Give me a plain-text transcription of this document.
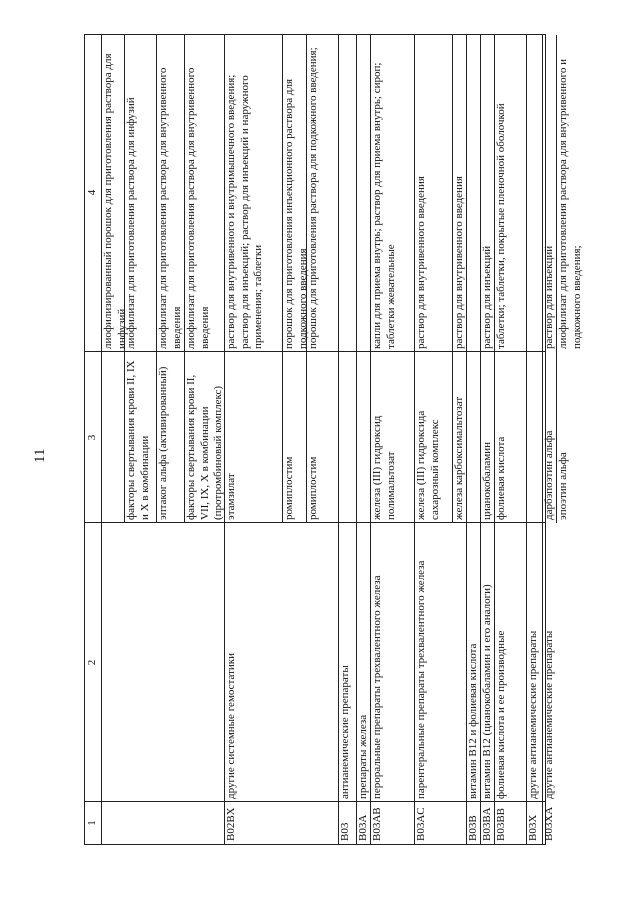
11
1
2
3
4 лиофилизированный порошок для приготовления раствора для инфузий
факторы свертывания крови II, IX и X в комбинации
лиофилизат для приготовления раствора для инфузий
эптаког альфа (активированный)
лиофилизат для приготовления раствора для внутривенного введения
факторы свертывания крови II, VII, IX, X в комбинации (протромбиновый комплекс)
лиофилизат для приготовления раствора для внутривенного введения
B02BX
другие системные гемостатики
этамзилат
раствор для внутривенного и внутримышечного введения; раствор для инъекций; раствор для инъекций и наружного применения; таблетки
ромиплостим
порошок для приготовления инъекционного раствора для подкожного введения
ромиплостим
порошок для приготовления раствора для подкожного введения;
B03
антианемические препараты
B03A
препараты железа
B03AB
пероральные препараты трехвалентного железа
железа (III) гидроксид полимальтозат
капли для приема внутрь; раствор для приема внутрь; сироп; таблетки жевательные
B03AC
парентеральные препараты трехвалентного железа
железа (III) гидроксида сахарозный комплекс
раствор для внутривенного введения
железа карбоксимальтозат
раствор для внутривенного введения
B03B
витамин B12 и фолиевая кислота
B03BA
витамин B12 (цианокобаламин и его аналоги)
цианокобаламин
раствор для инъекций
B03BB
фолиевая кислота и ее производные
фолиевая кислота
таблетки; таблетки, покрытые пленочной оболочкой
B03X
другие антианемические препараты
B03XA
другие антианемические препараты
дарбэпоэтин альфа
раствор для инъекций
эпоэтин альфа
лиофилизат для приготовления раствора для внутривенного и подкожного введения;
